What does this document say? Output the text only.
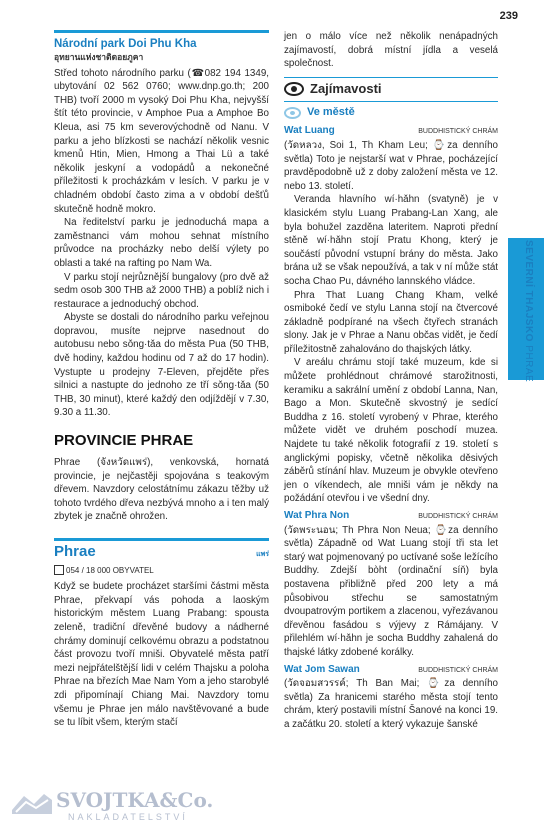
239
Národní park Doi Phu Kha
อุทยานแห่งชาติดอยภูคา

Střed tohoto národního parku (☎082 194 1349, ubytování 02 562 0760; www.dnp.go.th; 200 THB) tvoří 2000 m vysoký Doi Phu Kha, nejvyšší štít této provincie, v Amphoe Pua a Amphoe Bo Kleua, asi 75 km severovýchodně od Nanu. V parku a jeho blízkosti se nachází několik vesnic kmenů Htin, Mien, Hmong a Thai Lü a také několik jeskyní a vodopádů a nekonečné příležitosti k procházkám v lesích. V parku je v chladném období často zima a v období dešťů skutečně hodně mokro.

Na ředitelství parku je jednoduchá mapa a zaměstnanci vám mohou sehnat místního průvodce na procházky nebo delší výlety po oblasti a také na rafting po Nam Wa.

V parku stojí nejrůznější bungalovy (pro dvě až sedm osob 300 THB až 2000 THB) a poblíž nich i restaurace a jednoduchý obchod.

Abyste se dostali do národního parku veřejnou dopravou, musíte nejprve nasednout do autobusu nebo sǒng·tǎa do města Pua (50 THB, dvě hodiny, každou hodinu od 7 až do 17 hodin). Vystupte u prodejny 7-Eleven, přejděte přes silnici a nastupte do jednoho ze tří sǒng·tǎa (50 THB, 30 minut), které každý den odjíždějí v 7.30, 9.30 a 11.30.

PROVINCIE PHRAE

Phrae (จังหวัดแพร่), venkovská, hornatá provincie, je nejčastěji spojována s teakovým dřevem. Navzdory celostátnímu zákazu těžby už tohoto tvrdého dřeva nezbývá mnoho a i ten malý zbytek je značně ohrožen.

Phrae	แพร่
054 / 18 000 OBYVATEL

Když se budete procházet staršími částmi města Phrae, překvapí vás pohoda a laoským historickým městem Luang Prabang: spousta zeleně, tradiční dřevěné budovy a nádherné chrámy dominují celkovému obrazu a podstatnou část provozu tvoří mniši. Obyvatelé města patří mezi nejpřátelštější lidi v celém Thajsku a poloha Phrae na březích Mae Nam Yom a jeho starobylé zdi připomínají Chiang Mai. Navzdory tomu všemu je Phrae jen málo navštěvované a bude se tu líbit všem, kterým stačí

jen o málo více než několik nenápadných zajímavostí, dobrá místní jídla a veselá společnost.

Zajímavosti
Ve městě
Wat Luang	BUDDHISTICKÝ CHRÁM

(วัดหลวง, Soi 1, Th Kham Leu; ⌚za denního světla) Toto je nejstarší wat v Phrae, pocházející pravděpodobně už z doby založení města ve 12. nebo 13. století.

Veranda hlavního wí·hǎhn (svatyně) je v klasickém stylu Luang Prabang-Lan Xang, ale byla bohužel zazděna lateritem. Naproti přední stěně wí·hǎhn stojí Pratu Khong, který je součástí původní vstupní brány do města. Jako brána už se však nepoužívá, a tak v ní může stát socha Chao Pu, dávného lannského vládce.

Phra That Luang Chang Kham, velké osmiboké čedí ve stylu Lanna stojí na čtvercové základně podpírané na všech čtyřech stranách slony. Jak je v Phrae a Nanu občas vidět, je čedí příležitostně zahalováno do thajských látky.

V areálu chrámu stojí také muzeum, kde si můžete prohlédnout chrámové starožitnosti, keramiku a sakrální umění z období Lanna, Nan, Bago a Mon. Skutečně skvostný je sedící Buddha z 16. století vyrobený v Phrae, kterého můžete vidět ve druhém poschodí muzea. Najdete tu také několik fotografií z 19. století s anglickými popisky, včetně několika děsivých záběrů stínání hlav. Muzeum je obvykle otevřeno jen o víkendech, ale mniši vám je někdy na požádání otevřou i ve všední dny.

Wat Phra Non	BUDDHISTICKÝ CHRÁM

(วัดพระนอน; Th Phra Non Neua; ⌚za denního světla) Západně od Wat Luang stojí tři sta let starý wat pojmenovaný po uctívané soše ležícího Buddhy. Zdejší bòht (ordinační síň) byla postavena přibližně před 200 lety a má působivou střechu se samostatným dvoupatrovým portikem a zlacenou, vyřezávanou dřevěnou fasádou s výjevy z Rámájany. V přilehlém wí·hǎhn je socha Buddhy zahalená do thajské látky zdobené korálky.

Wat Jom Sawan	BUDDHISTICKÝ CHRÁM

(วัดจอมสวรรค์; Th Ban Mai; ⌚za denního světla) Za hranicemi starého města stojí tento chrám, který postavili místní Šanové na konci 19. a začátku 20. století a který vykazuje šanské

SEVERNÍ THAJSKO PHRAE
SVOJTKA&Co.
NAKLADATELSTVÍ
